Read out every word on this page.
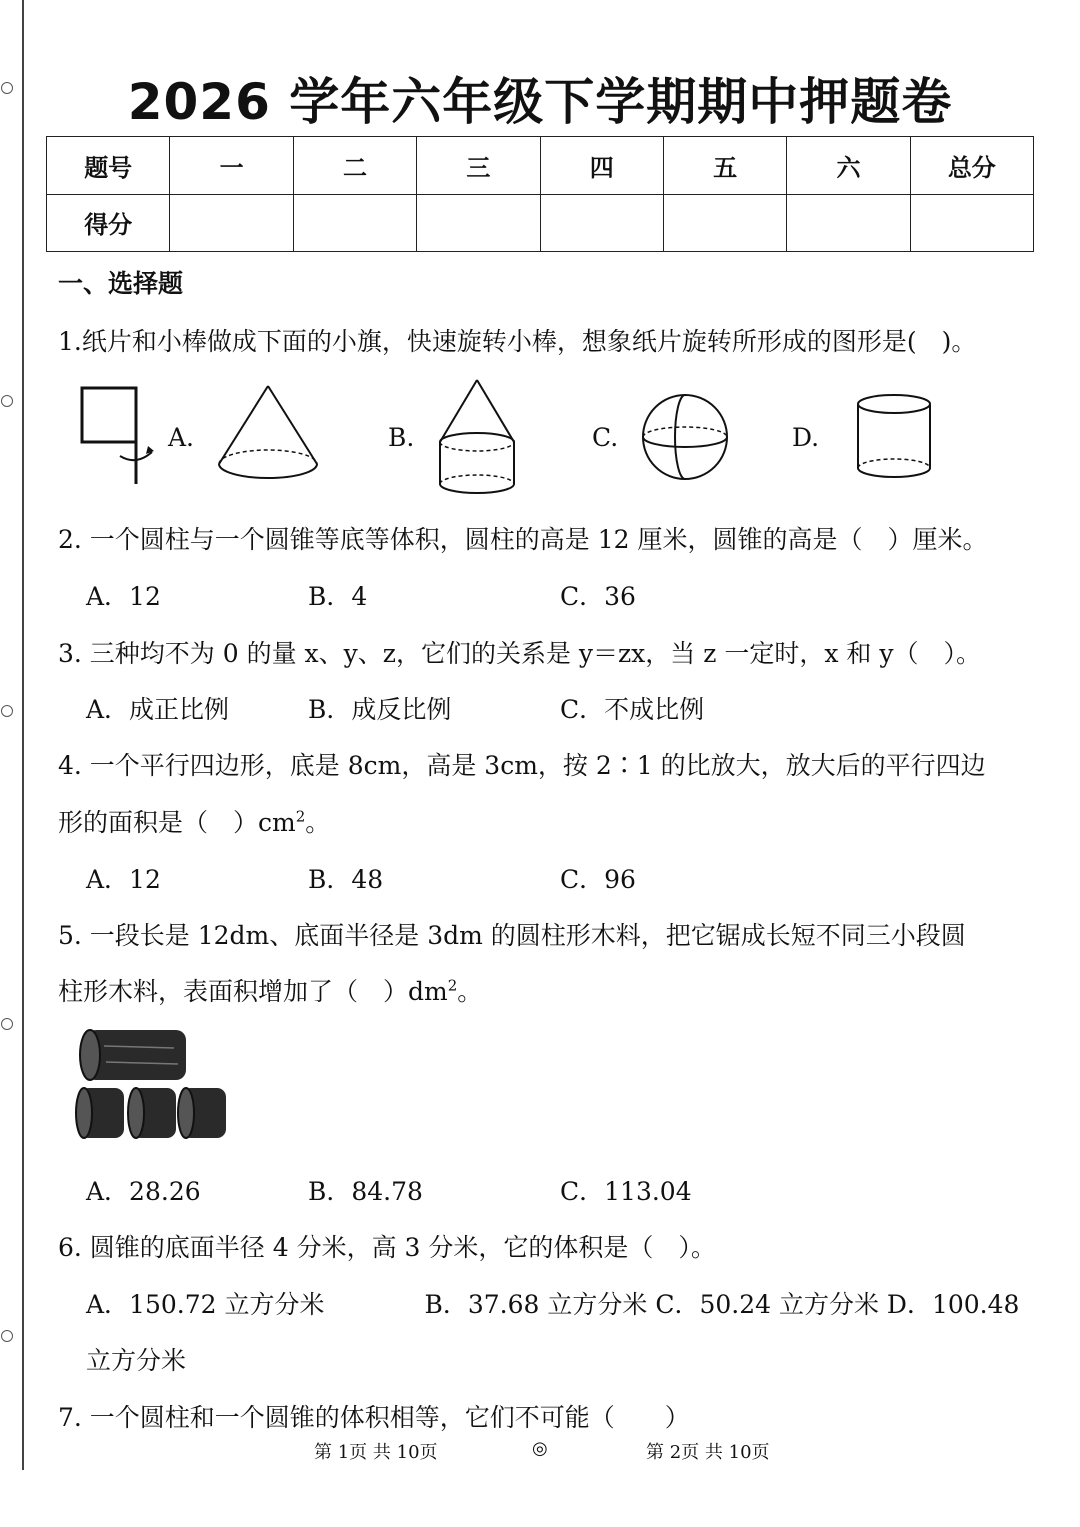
2026 学年六年级下学期期中押题卷
题号	一	二	三	四	五	六	总分
得分							
一、选择题
1.纸片和小棒做成下面的小旗，快速旋转小棒，想象纸片旋转所形成的图形是(　)。
A.	B.	C.	D.
2. 一个圆柱与一个圆锥等底等体积，圆柱的高是 12 厘米，圆锥的高是（　）厘米。
A．12	B．4	C．36
3. 三种均不为 0 的量 x、y、z，它们的关系是 y＝zx，当 z 一定时，x 和 y（　）。
A．成正比例	B．成反比例	C．不成比例
4. 一个平行四边形，底是 8cm，高是 3cm，按 2∶1 的比放大，放大后的平行四边
形的面积是（　）$cm^2$。
A．12	B．48	C．96
5. 一段长是 12dm、底面半径是 3dm 的圆柱形木料，把它锯成长短不同三小段圆
柱形木料，表面积增加了（　）$dm^2$。
A．28.26	B．84.78	C．113.04
6. 圆锥的底面半径 4 分米，高 3 分米，它的体积是（　）。
A．150.72 立方分米　　　　B．37.68 立方分米 C．50.24 立方分米 D．100.48
立方分米
7. 一个圆柱和一个圆锥的体积相等，它们不可能（　　）
第 1页 共 10页	◎	第 2页 共 10页
